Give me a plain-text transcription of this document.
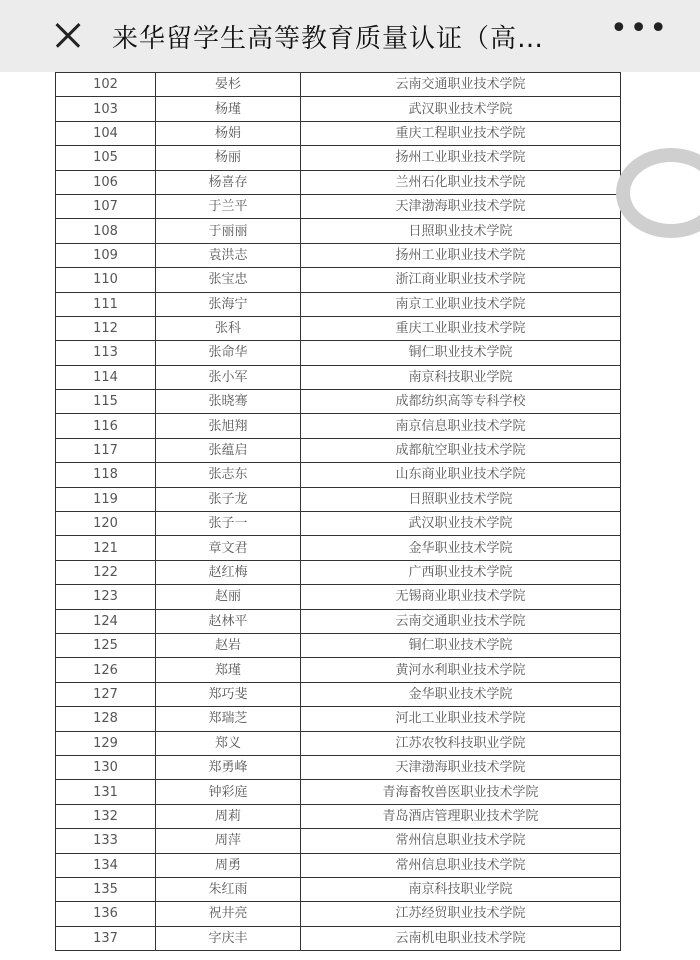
来华留学生高等教育质量认证（高…	•••
102	晏杉	云南交通职业技术学院
103	杨瑾	武汉职业技术学院
104	杨娟	重庆工程职业技术学院
105	杨丽	扬州工业职业技术学院
106	杨喜存	兰州石化职业技术学院
107	于兰平	天津渤海职业技术学院
108	于丽丽	日照职业技术学院
109	袁洪志	扬州工业职业技术学院
110	张宝忠	浙江商业职业技术学院
111	张海宁	南京工业职业技术学院
112	张科	重庆工业职业技术学院
113	张命华	铜仁职业技术学院
114	张小军	南京科技职业学院
115	张晓骞	成都纺织高等专科学校
116	张旭翔	南京信息职业技术学院
117	张蕴启	成都航空职业技术学院
118	张志东	山东商业职业技术学院
119	张子龙	日照职业技术学院
120	张子一	武汉职业技术学院
121	章文君	金华职业技术学院
122	赵红梅	广西职业技术学院
123	赵丽	无锡商业职业技术学院
124	赵林平	云南交通职业技术学院
125	赵岩	铜仁职业技术学院
126	郑瑾	黄河水利职业技术学院
127	郑巧斐	金华职业技术学院
128	郑瑞芝	河北工业职业技术学院
129	郑义	江苏农牧科技职业学院
130	郑勇峰	天津渤海职业技术学院
131	钟彩庭	青海畜牧兽医职业技术学院
132	周莉	青岛酒店管理职业技术学院
133	周萍	常州信息职业技术学院
134	周勇	常州信息职业技术学院
135	朱红雨	南京科技职业学院
136	祝井亮	江苏经贸职业技术学院
137	字庆丰	云南机电职业技术学院
